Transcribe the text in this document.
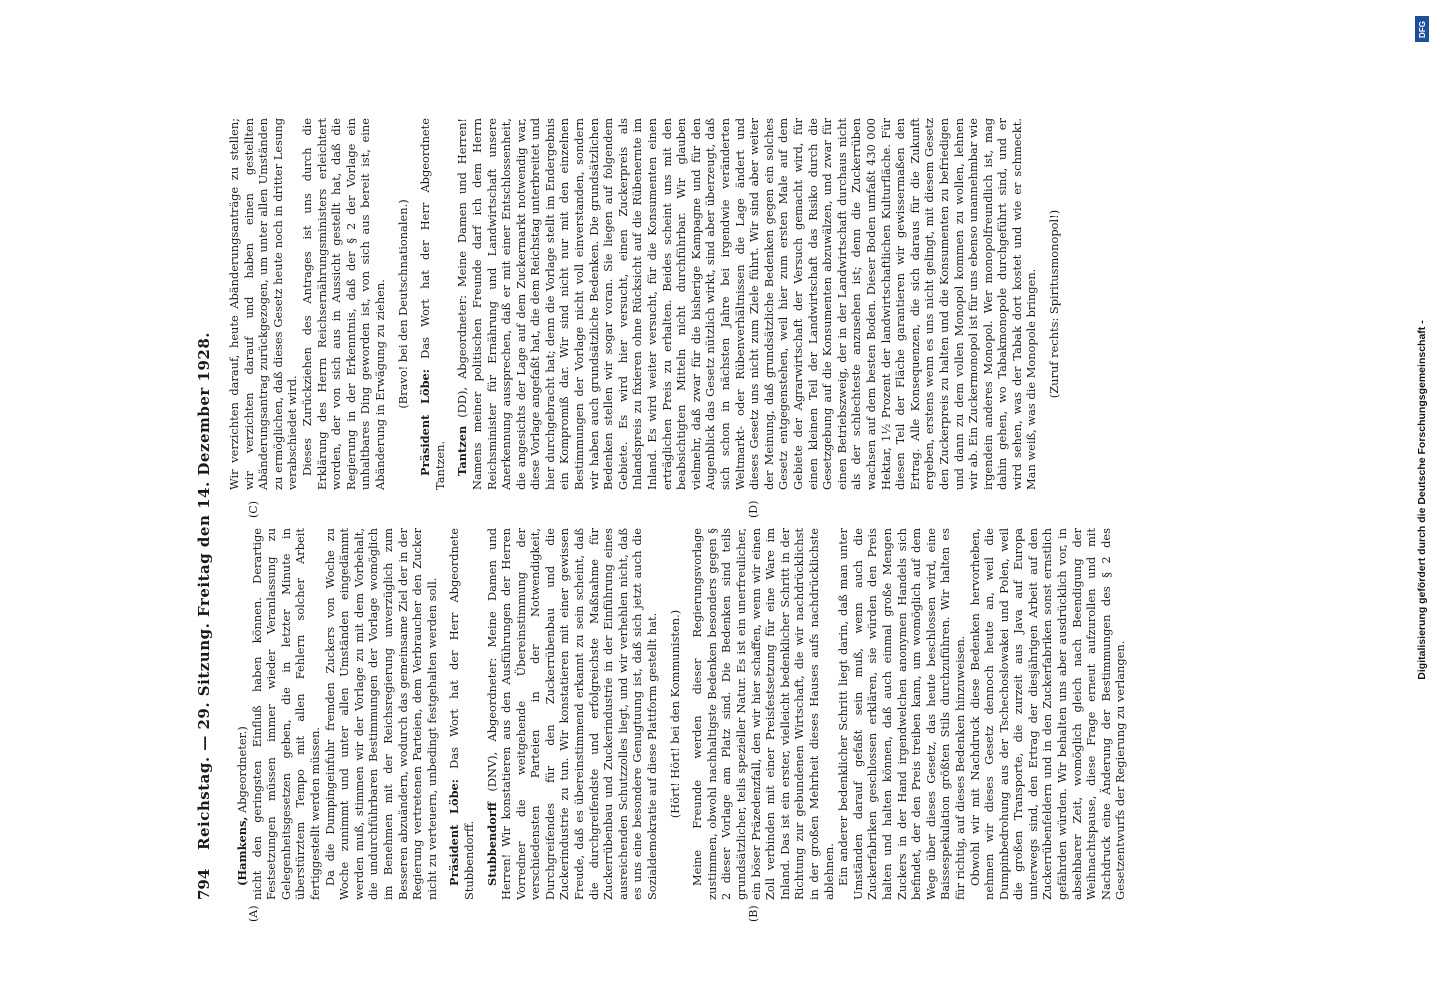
794
Reichstag. — 29. Sitzung. Freitag den 14. Dezember 1928.
(A)	(B)
(C)	(D)

(Hamkens, Abgeordneter.) nicht den geringsten Einfluß haben können. Derartige Festsetzungen müssen immer wieder Veranlassung zu Gelegenheitsgesetzen geben, die in letzter Minute in überstürztem Tempo mit allen Fehlern solcher Arbeit fertiggestellt werden müssen. Da die Dumpingeinfuhr fremden Zuckers von Woche zu Woche zunimmt und unter allen Umständen eingedämmt werden muß, stimmen wir der Vorlage zu mit dem Vorbehalt, die undurchführbaren Bestimmungen der Vorlage womöglich im Benehmen mit der Reichsregierung unverzüglich zum Besseren abzuändern, wodurch das gemeinsame Ziel der in der Regierung vertretenen Parteien, dem Verbraucher den Zucker nicht zu verteuern, unbedingt festgehalten werden soll. Präsident Löbe: Das Wort hat der Herr Abgeordnete Stubbendorff. Stubbendorff (DNV), Abgeordneter: Meine Damen und Herren! Wir konstatieren aus den Ausführungen der Herren Vorredner die weitgehende Übereinstimmung der verschiedensten Parteien in der Notwendigkeit, Durchgreifendes für den Zuckerrübenbau und die Zuckerindustrie zu tun. Wir konstatieren mit einer gewissen Freude, daß es übereinstimmend erkannt zu sein scheint, daß die durchgreifendste und erfolgreichste Maßnahme für Zuckerrübenbau und Zuckerindustrie in der Einführung eines ausreichenden Schutzzolles liegt, und wir verhehlen nicht, daß es uns eine besondere Genugtuung ist, daß sich jetzt auch die Sozialdemokratie auf diese Plattform gestellt hat. (Hört! Hört! bei den Kommunisten.) Meine Freunde werden dieser Regierungsvorlage zustimmen, obwohl nachhaltigste Bedenken besonders gegen § 2 dieser Vorlage am Platz sind. Die Bedenken sind teils grundsätzlicher, teils spezieller Natur. Es ist ein unerfreulicher, ein böser Präzedenzfall, den wir hier schaffen, wenn wir einen Zoll verbinden mit einer Preisfestsetzung für eine Ware im Inland. Das ist ein erster, vielleicht bedenklicher Schritt in der Richtung zur gebundenen Wirtschaft, die wir nachdrücklichst in der großen Mehrheit dieses Hauses aufs nachdrücklichste ablehnen. Ein anderer bedenklicher Schritt liegt darin, daß man unter Umständen darauf gefaßt sein muß, wenn auch die Zuckerfabriken geschlossen erklären, sie würden den Preis halten und halten können, daß auch einmal große Mengen Zuckers in der Hand irgendwelchen anonymen Handels sich befindet, der den Preis treiben kann, um womöglich auf dem Wege über dieses Gesetz, das heute beschlossen wird, eine Baissespekulation größten Stils durchzuführen. Wir halten es für richtig, auf dieses Bedenken hinzuweisen. Obwohl wir mit Nachdruck diese Bedenken hervorheben, nehmen wir dieses Gesetz dennoch heute an, weil die Dumpinbedrohung aus der Tschechoslowakei und Polen, weil die großen Transporte, die zurzeit aus Java auf Europa unterwegs sind, den Ertrag der diesjährigen Arbeit auf den Zuckerrübenfeldern und in den Zuckerfabriken sonst ernstlich gefährden würden. Wir behalten uns aber ausdrücklich vor, in absehbarer Zeit, womöglich gleich nach Beendigung der Weihnachtspause, diese Frage erneut aufzurollen und mit Nachdruck eine Änderung der Bestimmungen des § 2 des Gesetzentwurfs der Regierung zu verlangen.

Wir verzichten darauf, heute Abänderungsanträge zu stellen; wir verzichten darauf und haben einen gestellten Abänderungsantrag zurückgezogen, um unter allen Umständen zu ermöglichen, daß dieses Gesetz heute noch in dritter Lesung verabschiedet wird. Dieses Zurückziehen des Antrages ist uns durch die Erklärung des Herrn Reichsernährungsministers erleichtert worden, der von sich aus in Aussicht gestellt hat, daß die Regierung in der Erkenntnis, daß der § 2 der Vorlage ein unhaltbares Ding geworden ist, von sich aus bereit ist, eine Abänderung in Erwägung zu ziehen. (Bravo! bei den Deutschnationalen.)

Präsident Löbe: Das Wort hat der Herr Abgeordnete Tantzen. Tantzen (DD), Abgeordneter: Meine Damen und Herren! Namens meiner politischen Freunde darf ich dem Herrn Reichsminister für Ernährung und Landwirtschaft unsere Anerkennung aussprechen, daß er mit einer Entschlossenheit, die angesichts der Lage auf dem Zuckermarkt notwendig war, diese Vorlage angefaßt hat, die dem Reichstag unterbreitet und hier durchgebracht hat; denn die Vorlage stellt im Endergebnis ein Kompromiß dar. Wir sind nicht nur mit den einzelnen Bestimmungen der Vorlage nicht voll einverstanden, sondern wir haben auch grundsätzliche Bedenken. Die grundsätzlichen Bedenken stellen wir sogar voran. Sie liegen auf folgendem Gebiete. Es wird hier versucht, einen Zuckerpreis als Inlandspreis zu fixieren ohne Rücksicht auf die Rübenernte im Inland. Es wird weiter versucht, für die Konsumenten einen erträglichen Preis zu erhalten. Beides scheint uns mit den beabsichtigten Mitteln nicht durchführbar. Wir glauben vielmehr, daß zwar für die bisherige Kampagne und für den Augenblick das Gesetz nützlich wirkt, sind aber überzeugt, daß sich schon in nächsten Jahre bei irgendwie veränderten Weltmarkt- oder Rübenverhältnissen die Lage ändert und dieses Gesetz uns nicht zum Ziele führt. Wir sind aber weiter der Meinung, daß grundsätzliche Bedenken gegen ein solches Gesetz entgegenstehen, weil hier zum ersten Male auf dem Gebiete der Agrarwirtschaft der Versuch gemacht wird, für einen kleinen Teil der Landwirtschaft das Risiko durch die Gesetzgebung auf die Konsumenten abzuwälzen, und zwar für einen Betriebszweig, der in der Landwirtschaft durchaus nicht als der schlechteste anzusehen ist; denn die Zuckerrüben wachsen auf dem besten Boden. Dieser Boden umfaßt 430 000 Hektar, 1½ Prozent der landwirtschaftlichen Kulturfläche. Für diesen Teil der Fläche garantieren wir gewissermaßen den Ertrag. Alle Konsequenzen, die sich daraus für die Zukunft ergeben, erstens wenn es uns nicht gelingt, mit diesem Gesetz den Zuckerpreis zu halten und die Konsumenten zu befriedigen und dann zu dem vollen Monopol kommen zu wollen, lehnen wir ab. Ein Zuckermonopol ist für uns ebenso unannehmbar wie irgendein anderes Monopol. Wer monopolfreundlich ist, mag dahin gehen, wo Tabakmonopole durchgeführt sind, und er wird sehen, was der Tabak dort kostet und wie er schmeckt. Man weiß, was die Monopole bringen. (Zuruf rechts: Spiritusmonopol!)

DFG
Digitalisierung gefördert durch die Deutsche Forschungsgemeinschaft -
